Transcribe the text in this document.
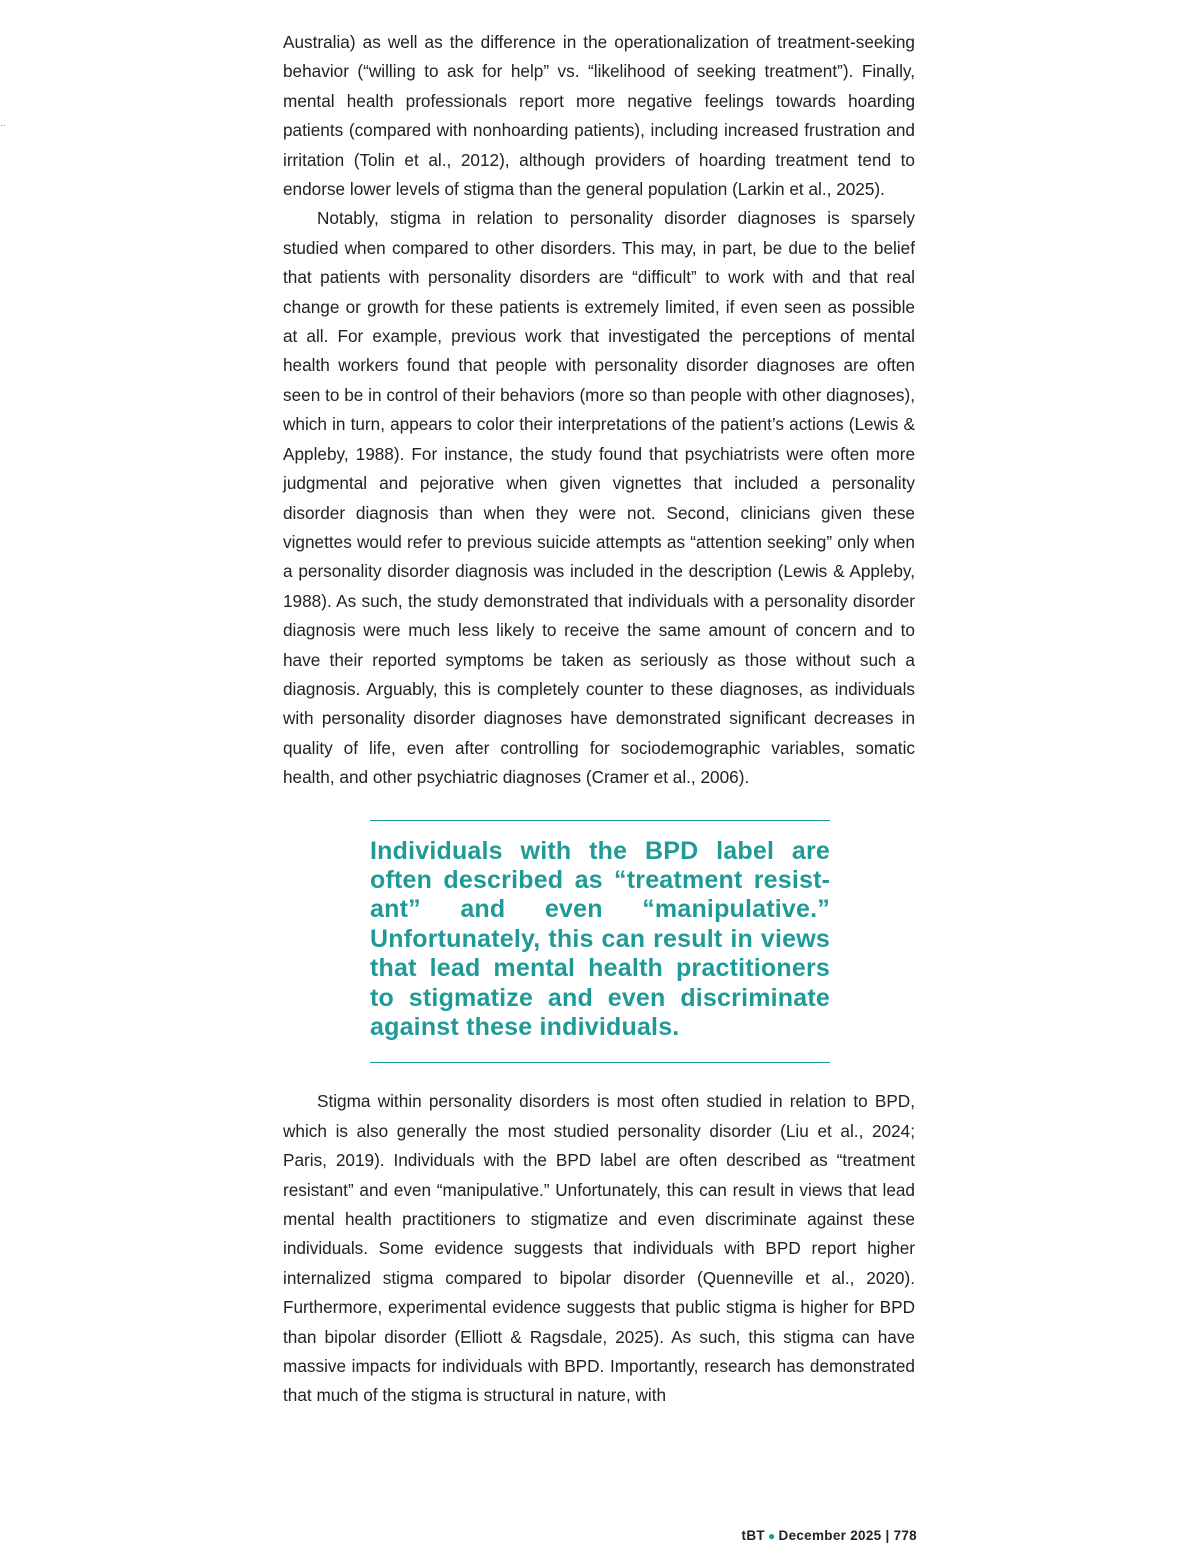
..

Australia) as well as the difference in the operationalization of treatment-seeking behavior (“willing to ask for help” vs. “likelihood of seeking treatment”). Finally, mental health professionals report more negative feelings towards hoarding patients (compared with nonhoarding patients), including increased frustration and irritation (Tolin et al., 2012), although providers of hoarding treatment tend to endorse lower levels of stigma than the general population (Larkin et al., 2025).

Notably, stigma in relation to personality disorder diagnoses is sparsely studied when compared to other disorders. This may, in part, be due to the belief that patients with personality disorders are “difficult” to work with and that real change or growth for these patients is extremely limited, if even seen as possible at all. For example, previous work that investigated the perceptions of mental health workers found that people with personality disorder diagnoses are often seen to be in control of their behaviors (more so than people with other diagnoses), which in turn, appears to color their interpretations of the patient’s actions (Lewis & Appleby, 1988). For instance, the study found that psychiatrists were often more judgmental and pejorative when given vignettes that included a personality disorder diagnosis than when they were not. Second, clinicians given these vignettes would refer to previous suicide attempts as “attention seeking” only when a personality disorder diagnosis was included in the description (Lewis & Appleby, 1988). As such, the study demonstrated that individuals with a personality disorder diagnosis were much less likely to receive the same amount of concern and to have their reported symptoms be taken as seriously as those without such a diagnosis. Arguably, this is completely counter to these diagnoses, as individuals with personality disorder diagnoses have demonstrated significant decreases in quality of life, even after controlling for sociodemographic variables, somatic health, and other psychiatric diagnoses (Cramer et al., 2006).

Individuals with the BPD label are often described as “treatment resistant” and even “manipulative.” Unfortunately, this can result in views that lead mental health practitioners to stigmatize and even discriminate against these individuals.

Stigma within personality disorders is most often studied in relation to BPD, which is also generally the most studied personality disorder (Liu et al., 2024; Paris, 2019). Individuals with the BPD label are often described as “treatment resistant” and even “manipulative.” Unfortunately, this can result in views that lead mental health practitioners to stigmatize and even discriminate against these individuals. Some evidence suggests that individuals with BPD report higher internalized stigma compared to bipolar disorder (Quenneville et al., 2020). Furthermore, experimental evidence suggests that public stigma is higher for BPD than bipolar disorder (Elliott & Ragsdale, 2025). As such, this stigma can have massive impacts for individuals with BPD. Importantly, research has demonstrated that much of the stigma is structural in nature, with

tBT ● December 2025 | 778
